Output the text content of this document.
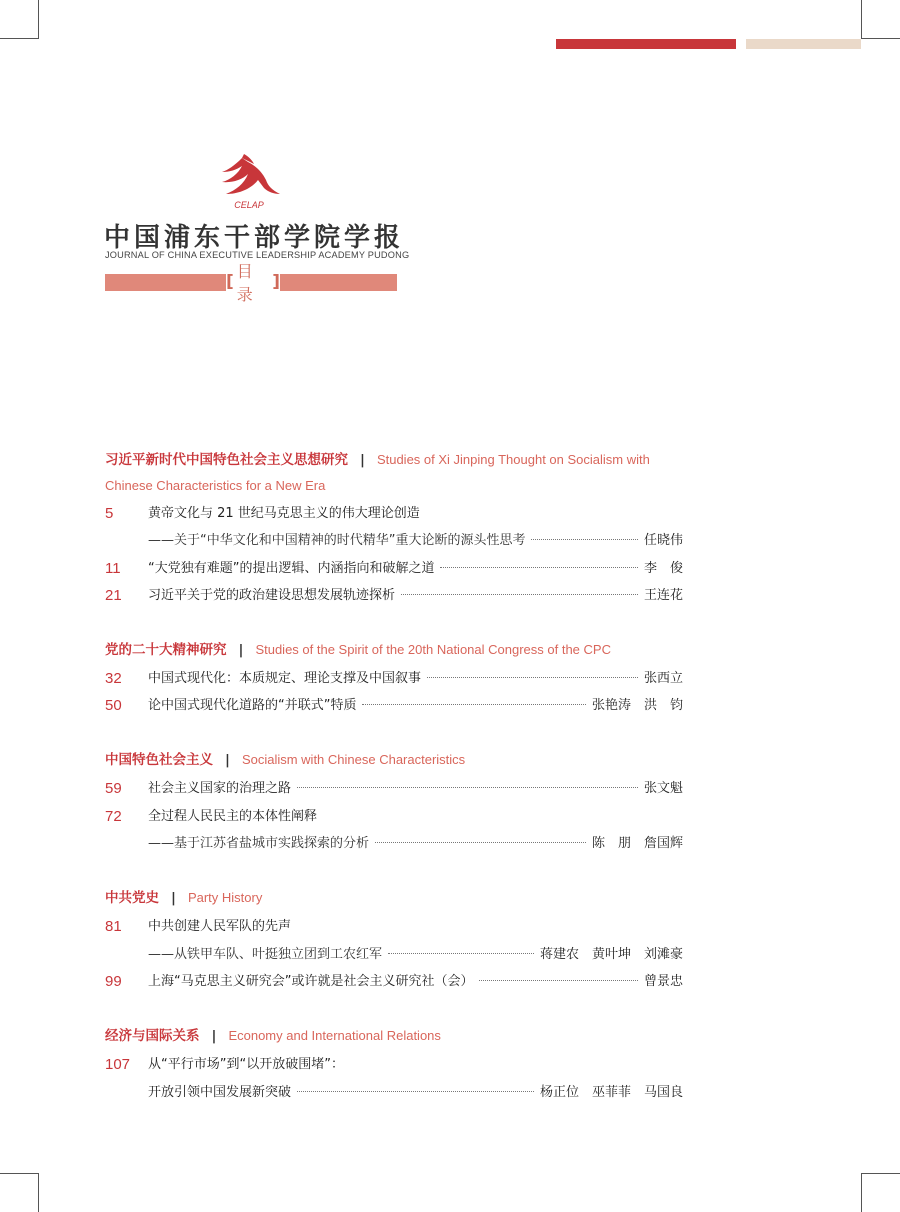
CELAP
中国浦东干部学院学报
JOURNAL OF CHINA EXECUTIVE LEADERSHIP ACADEMY PUDONG
[
目录
]
习近平新时代中国特色社会主义思想研究 | Studies of Xi Jinping Thought on Socialism with Chinese Characteristics for a New Era
5	黄帝文化与 21 世纪马克思主义的伟大理论创造
——关于“中华文化和中国精神的时代精华”重大论断的源头性思考	任晓伟
11	“大党独有难题”的提出逻辑、内涵指向和破解之道	李　俊
21	习近平关于党的政治建设思想发展轨迹探析	王连花
党的二十大精神研究 | Studies of the Spirit of the 20th National Congress of the CPC
32	中国式现代化：本质规定、理论支撑及中国叙事	张西立
50	论中国式现代化道路的“并联式”特质	张艳涛　洪　钧
中国特色社会主义 | Socialism with Chinese Characteristics
59	社会主义国家的治理之路	张文魁
72	全过程人民民主的本体性阐释
——基于江苏省盐城市实践探索的分析	陈　朋　詹国辉
中共党史 | Party History
81	中共创建人民军队的先声
——从铁甲车队、叶挺独立团到工农红军	蒋建农　黄叶坤　刘滩豪
99	上海“马克思主义研究会”或许就是社会主义研究社（会）	曾景忠
经济与国际关系 | Economy and International Relations
107	从“平行市场”到“以开放破围堵”：
开放引领中国发展新突破	杨正位　巫菲菲　马国良
